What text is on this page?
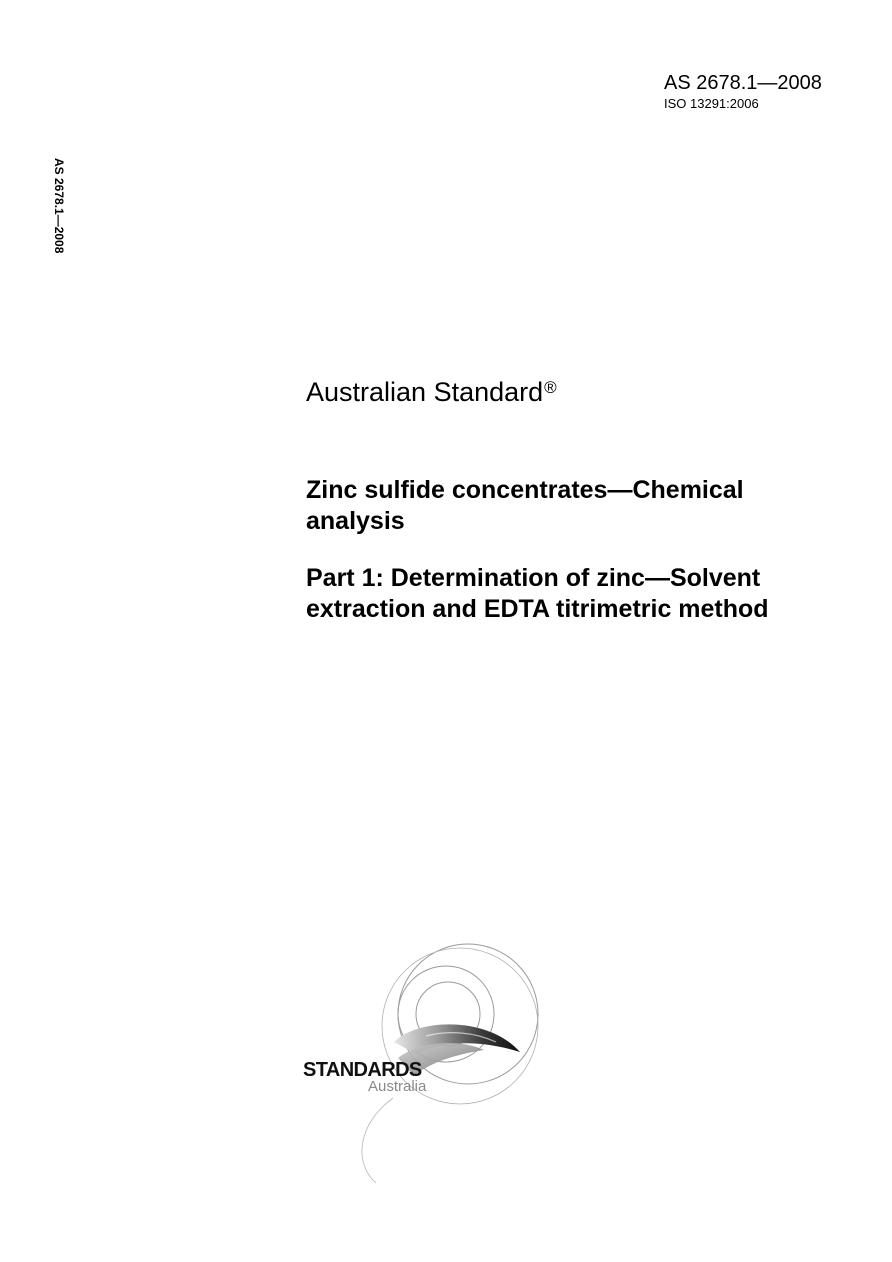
AS 2678.1—2008
ISO 13291:2006
AS 2678.1—2008
Australian Standard®
Zinc sulfide concentrates—Chemical analysis
Part 1: Determination of zinc—Solvent extraction and EDTA titrimetric method
STANDARDS
Australia
